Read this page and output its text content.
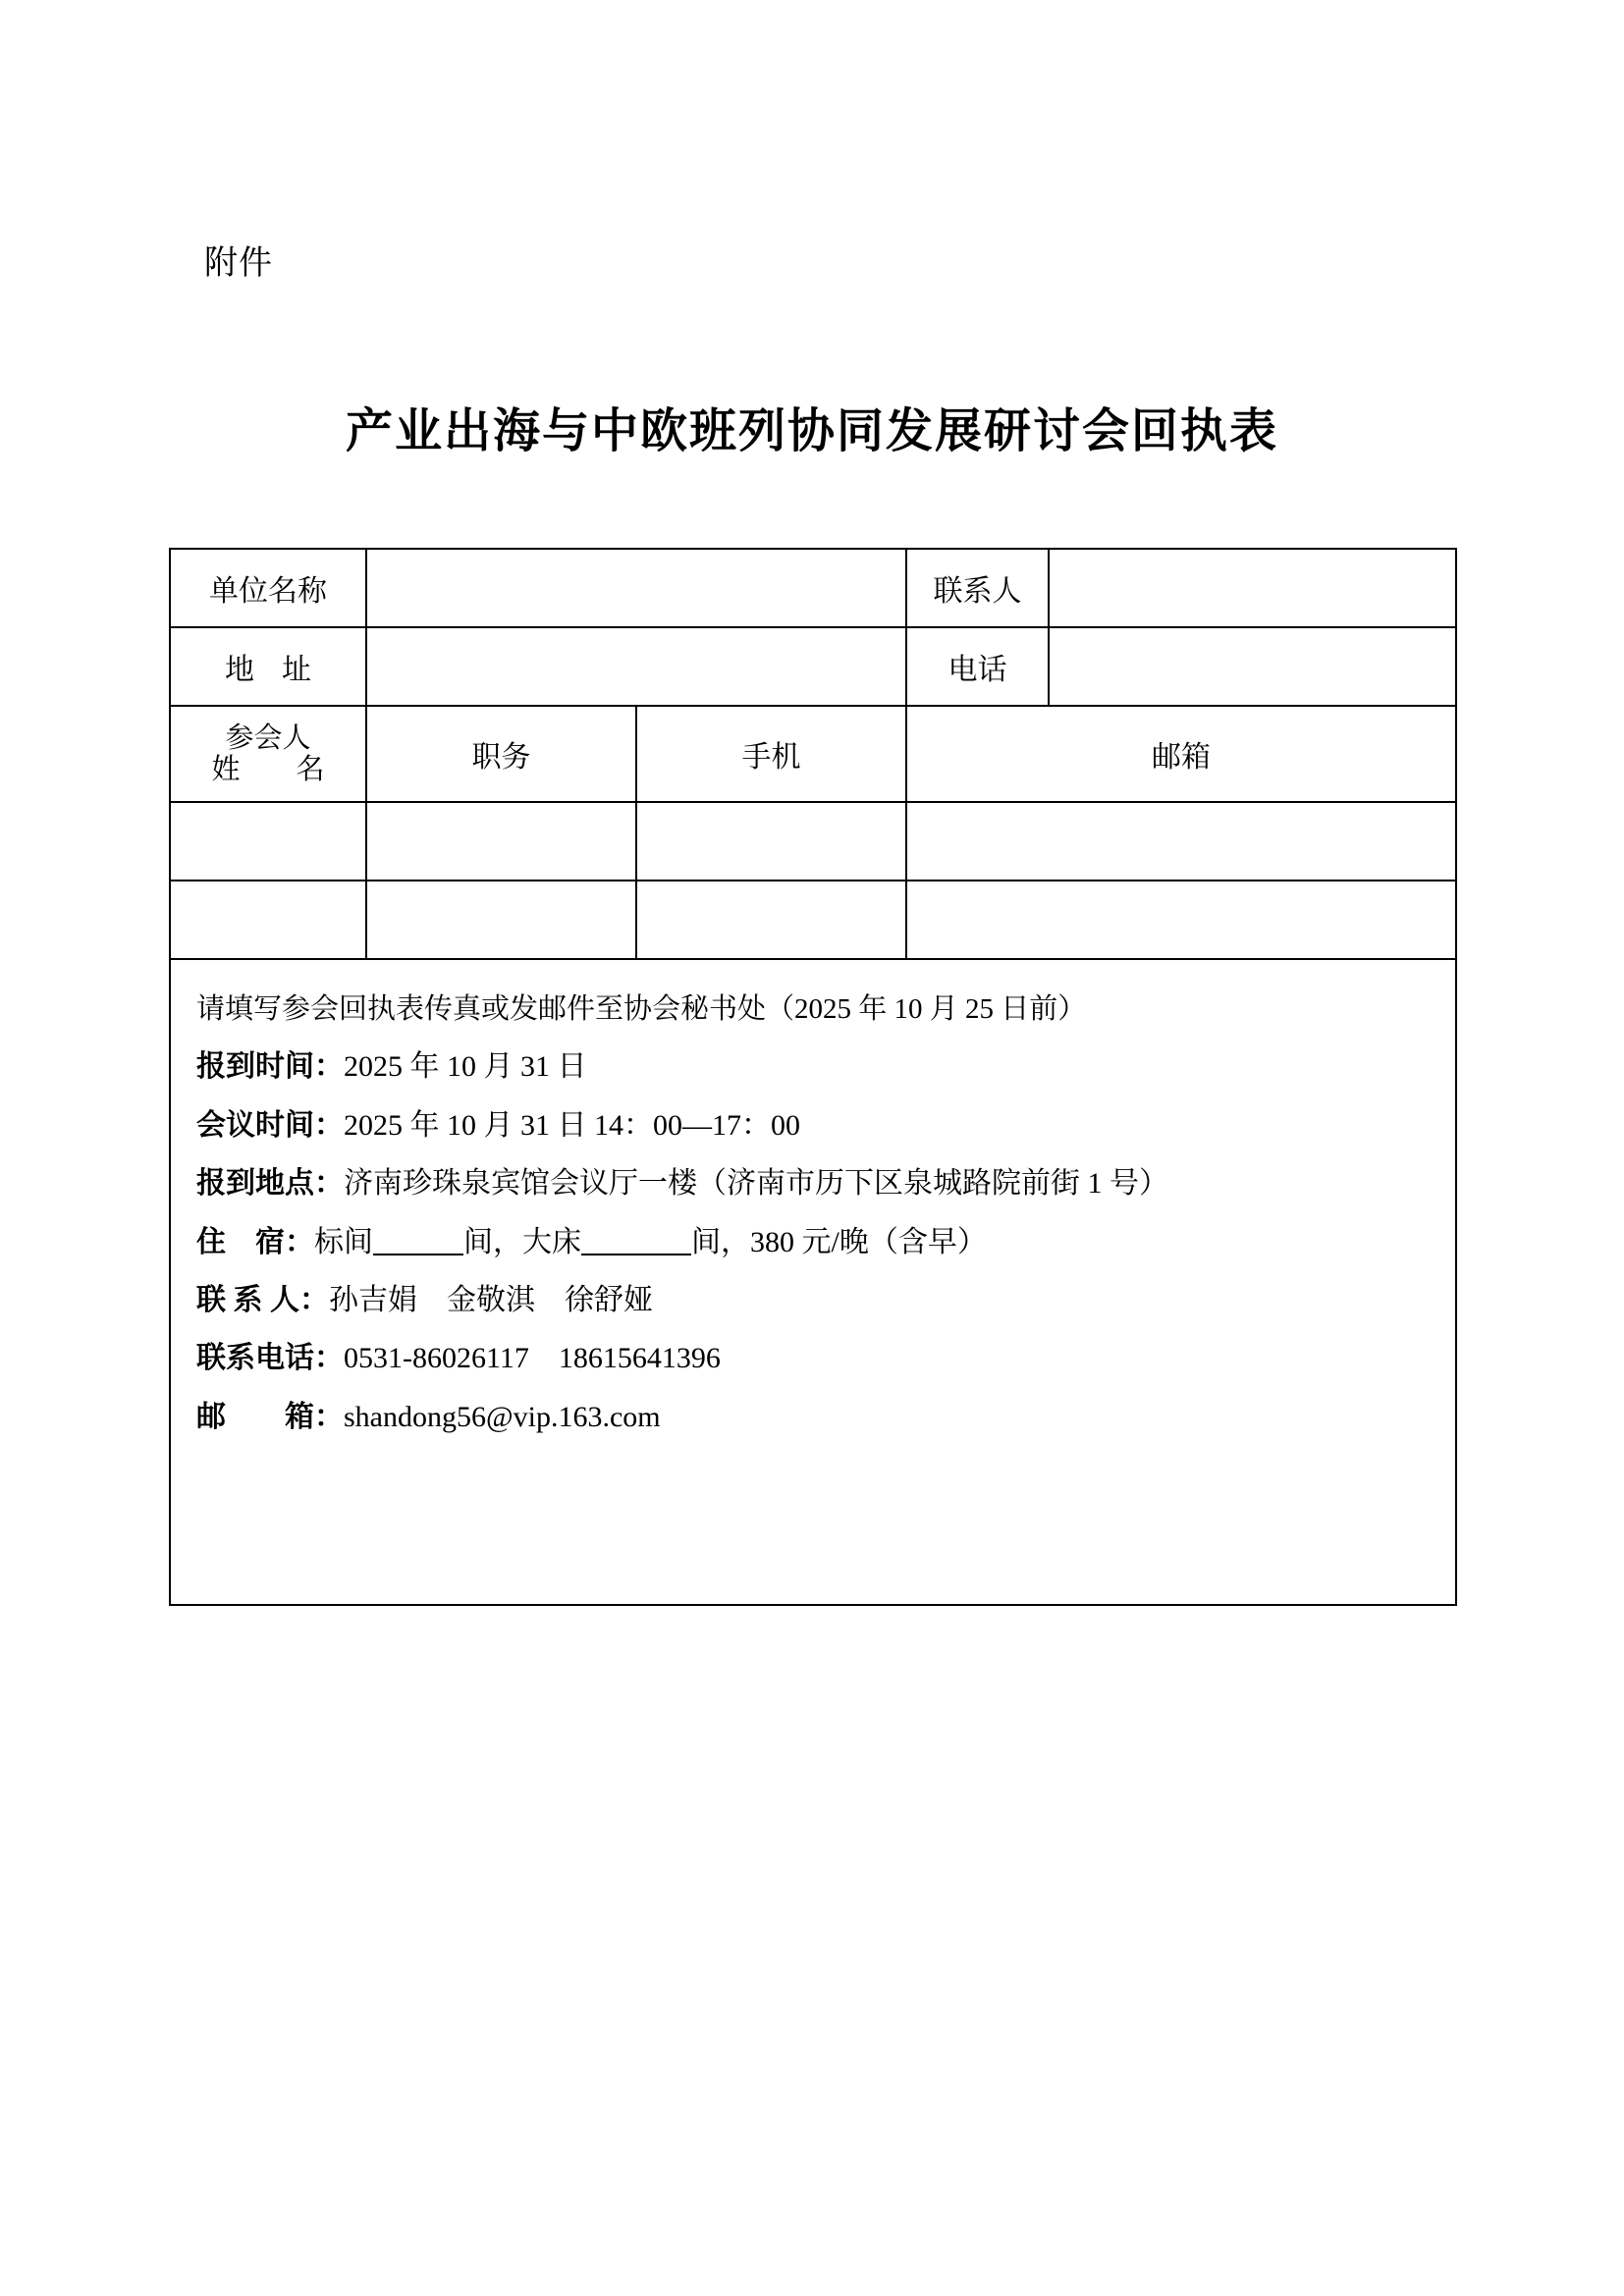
附件
产业出海与中欧班列协同发展研讨会回执表
单位名称			联系人	
地 址			电话	

参会人
姓　名	职务	手机	邮箱	

请填写参会回执表传真或发邮件至协会秘书处（2025 年 10 月 25 日前）
报到时间：2025 年 10 月 31 日
会议时间：2025 年 10 月 31 日 14：00—17：00
报到地点：济南珍珠泉宾馆会议厅一楼（济南市历下区泉城路院前街 1 号）
住　宿：标间	间，大床	间，380 元/晚（含早）
联 系 人：孙吉娟　金敬淇　徐舒娅
联系电话：0531-86026117　18615641396
邮　　箱：shandong56@vip.163.com
